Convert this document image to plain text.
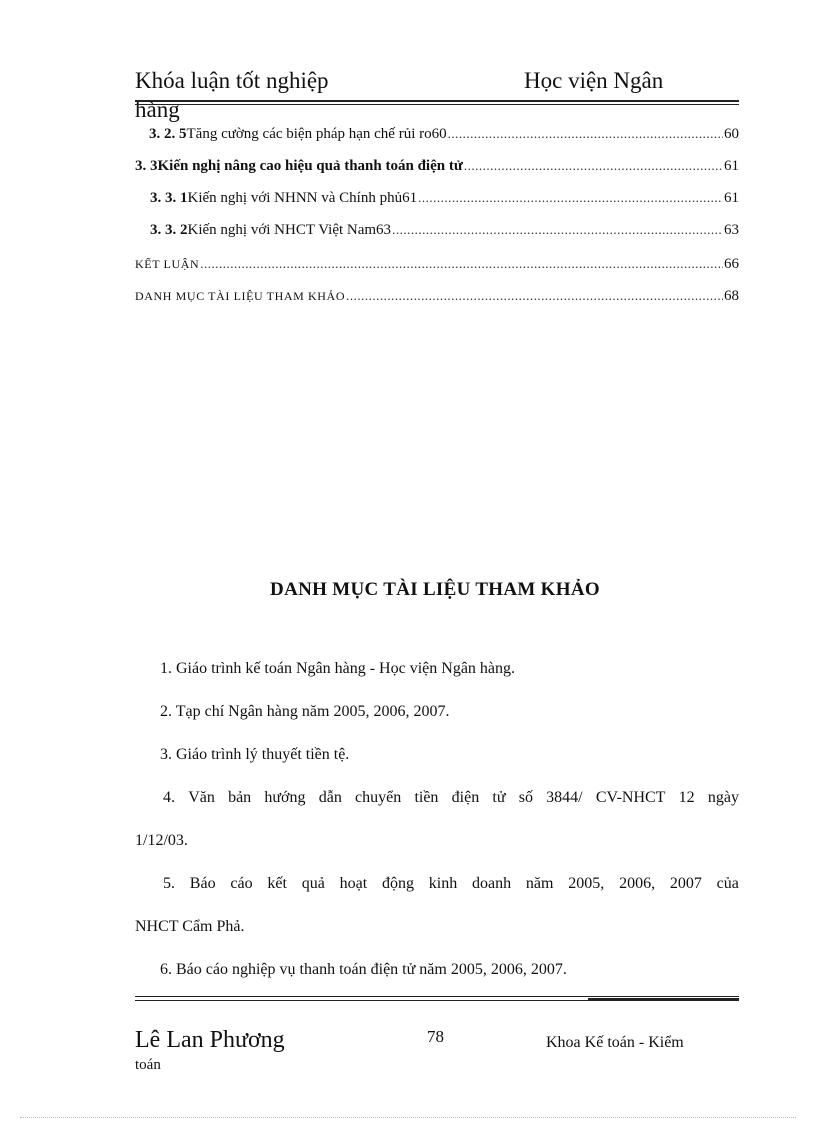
Khóa luận tốt nghiệp	Học viện Ngân
hàng
3. 2. 5 Tăng cường các biện pháp hạn chế rủi ro60 .....	60
3. 3 Kiến nghị nâng cao hiệu quả thanh toán điện tử .....	61
3. 3. 1 Kiến nghị với NHNN và Chính phủ61 .....	61
3. 3. 2 Kiến nghị với NHCT Việt Nam63 .....	63
KẾT LUẬN .....	66
DANH MỤC TÀI LIỆU THAM KHẢO .....	68
DANH MỤC TÀI LIỆU THAM KHẢO
1. Giáo trình kế toán Ngân hàng - Học viện Ngân hàng.
2. Tạp chí Ngân hàng năm 2005, 2006, 2007.
3. Giáo trình lý thuyết tiền tệ.
4. Văn bản hướng dẫn chuyển tiền điện tử số 3844/ CV-NHCT 12 ngày
1/12/03.
5. Báo cáo kết quả hoạt động kinh doanh năm 2005, 2006, 2007 của
NHCT Cẩm Phả.
6. Báo cáo nghiệp vụ thanh toán điện tử năm 2005, 2006, 2007.
Lê Lan Phương	78	Khoa Kế toán - Kiểm
toán
